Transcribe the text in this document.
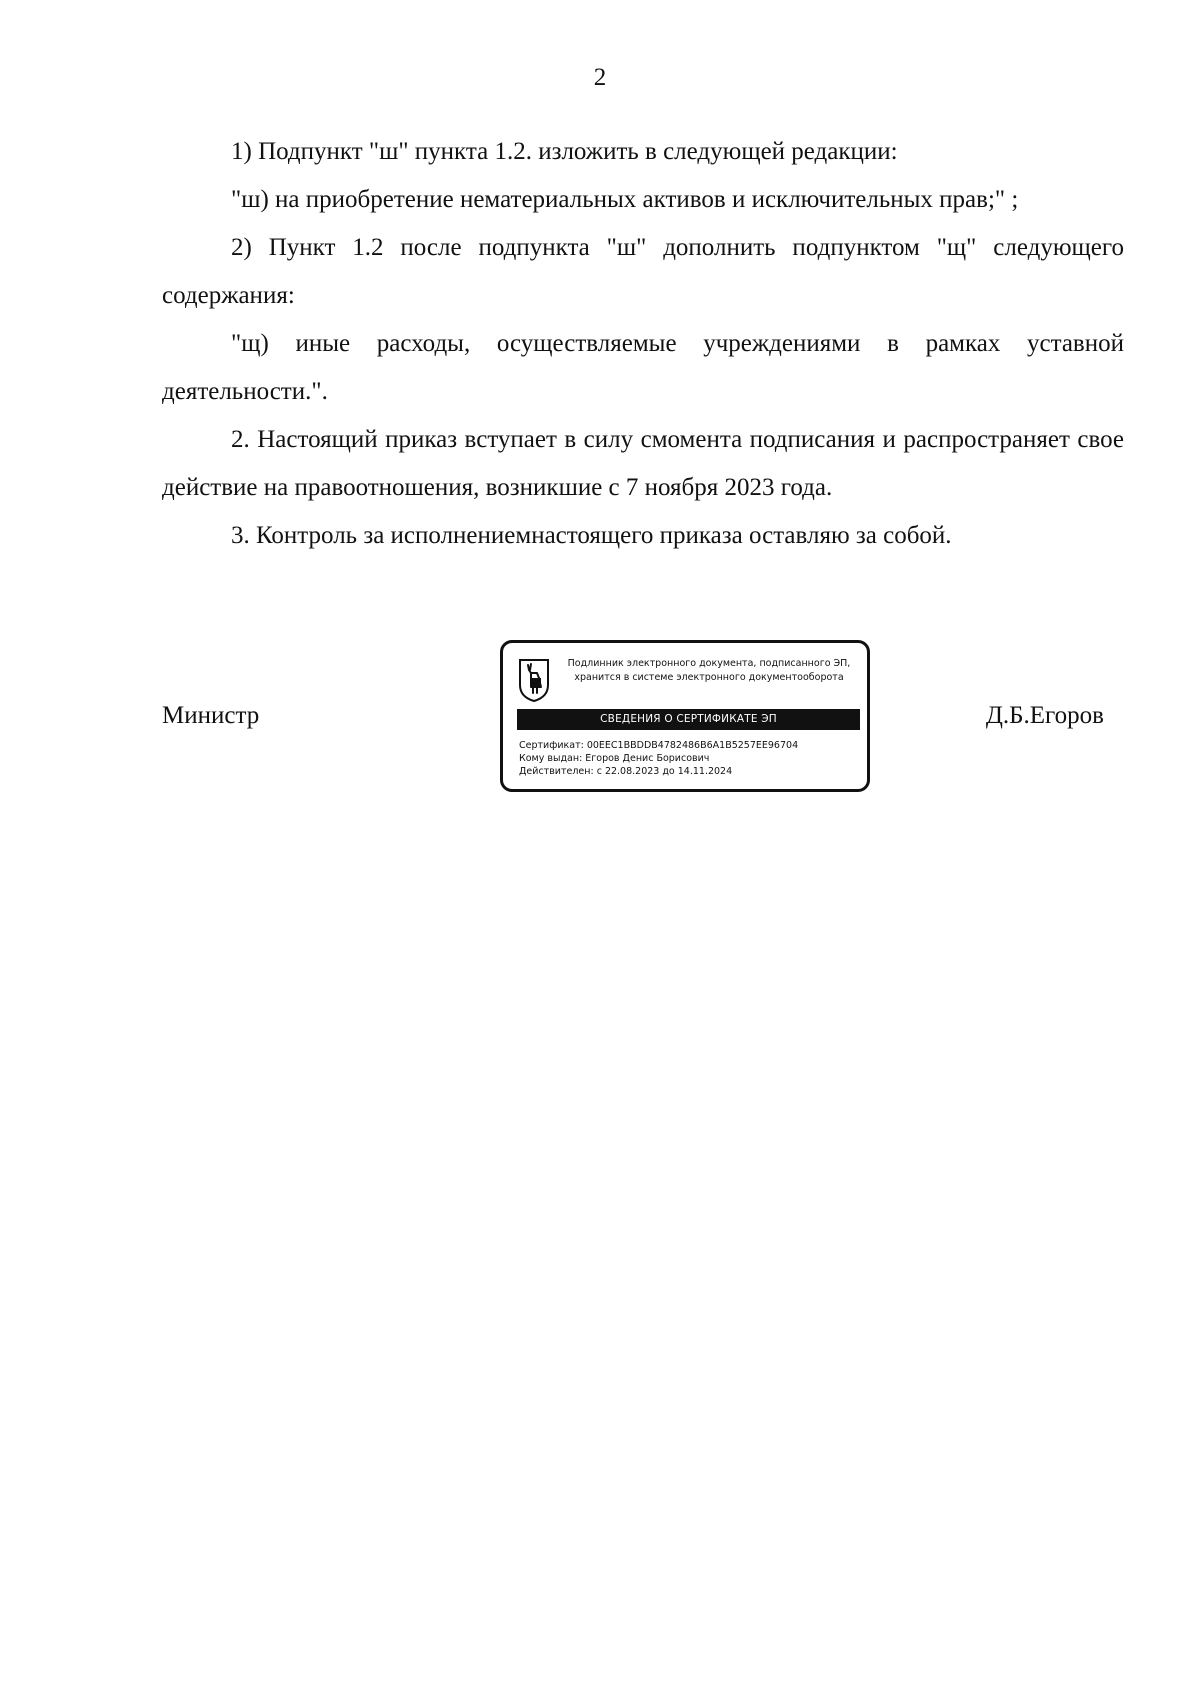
2

1) Подпункт "ш" пункта 1.2. изложить в следующей редакции:

"ш) на приобретение нематериальных активов и исключительных прав;" ;

2) Пункт 1.2 после подпункта "ш" дополнить подпунктом "щ" следующего содержания:

"щ) иные расходы, осуществляемые учреждениями в рамках уставной деятельности.".

2. Настоящий приказ вступает в силу смомента подписания и распространяет свое действие на правоотношения, возникшие с 7 ноября 2023 года.

3. Контроль за исполнениемнастоящего приказа оставляю за собой.

Министр	Д.Б.Егоров
Подлинник электронного документа, подписанного ЭП,
хранится в системе электронного документооборота
СВЕДЕНИЯ О СЕРТИФИКАТЕ ЭП
Сертификат: 00EEC1BBDDB4782486B6A1B5257EE96704
Кому выдан: Егоров Денис Борисович
Действителен: с 22.08.2023 до 14.11.2024
